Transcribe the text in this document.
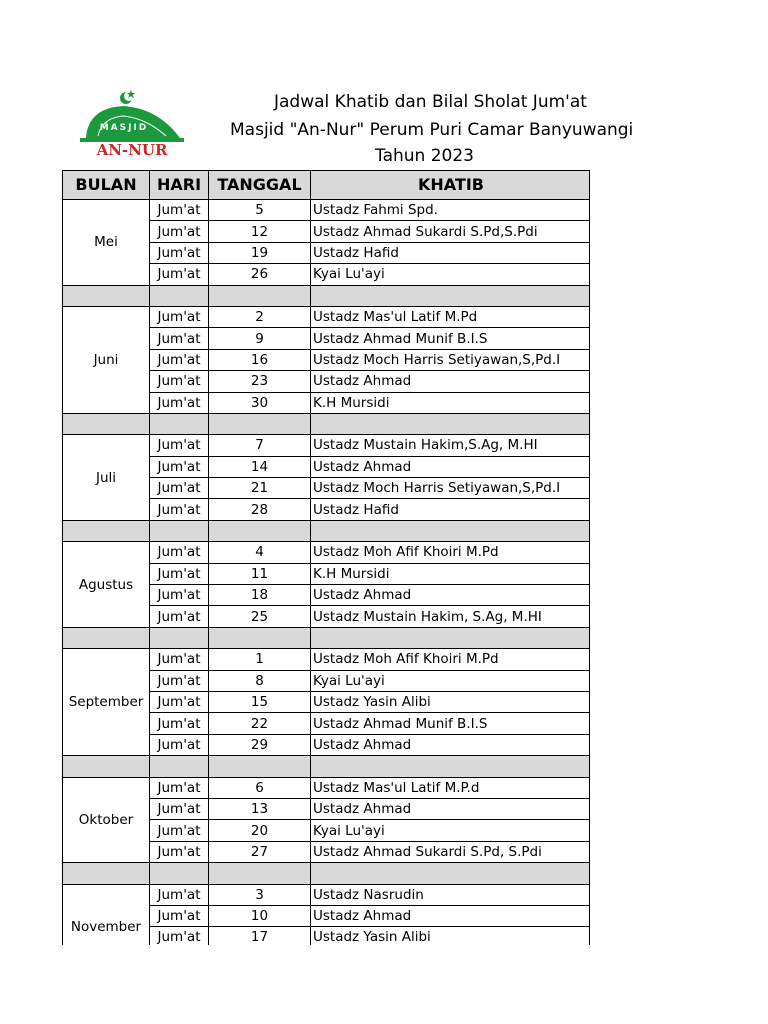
MASJID
AN-NUR
Jadwal Khatib dan Bilal Sholat Jum'at
Masjid "An-Nur" Perum Puri Camar Banyuwangi
Tahun 2023
BULAN	HARI	TANGGAL	KHATIB
Mei	Jum'at	5	Ustadz Fahmi Spd.
	Jum'at	12	Ustadz Ahmad Sukardi S.Pd,S.Pdi
	Jum'at	19	Ustadz Hafid
	Jum'at	26	Kyai Lu'ayi

Juni	Jum'at	2	Ustadz Mas'ul Latif M.Pd
	Jum'at	9	Ustadz Ahmad Munif B.I.S
	Jum'at	16	Ustadz Moch Harris Setiyawan,S,Pd.I
	Jum'at	23	Ustadz Ahmad
	Jum'at	30	K.H Mursidi

Juli	Jum'at	7	Ustadz Mustain Hakim,S.Ag, M.HI
	Jum'at	14	Ustadz Ahmad
	Jum'at	21	Ustadz Moch Harris Setiyawan,S,Pd.I
	Jum'at	28	Ustadz Hafid

Agustus	Jum'at	4	Ustadz Moh Afif Khoiri M.Pd
	Jum'at	11	K.H Mursidi
	Jum'at	18	Ustadz Ahmad
	Jum'at	25	Ustadz Mustain Hakim, S.Ag, M.HI

September	Jum'at	1	Ustadz Moh Afif Khoiri M.Pd
	Jum'at	8	Kyai Lu'ayi
	Jum'at	15	Ustadz Yasin Alibi
	Jum'at	22	Ustadz Ahmad Munif B.I.S
	Jum'at	29	Ustadz Ahmad

Oktober	Jum'at	6	Ustadz Mas'ul Latif M.P.d
	Jum'at	13	Ustadz Ahmad
	Jum'at	20	Kyai Lu'ayi
	Jum'at	27	Ustadz Ahmad Sukardi S.Pd, S.Pdi

November	Jum'at	3	Ustadz Nasrudin
	Jum'at	10	Ustadz Ahmad
	Jum'at	17	Ustadz Yasin Alibi
